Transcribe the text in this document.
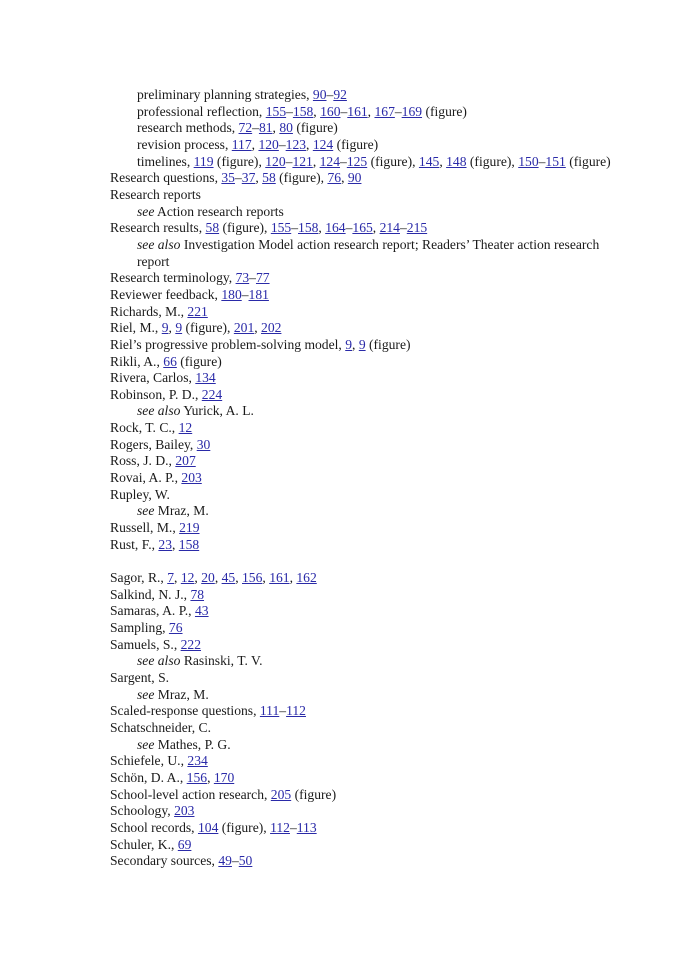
preliminary planning strategies, 90–92
professional reflection, 155–158, 160–161, 167–169 (figure)
research methods, 72–81, 80 (figure)
revision process, 117, 120–123, 124 (figure)
timelines, 119 (figure), 120–121, 124–125 (figure), 145, 148 (figure), 150–151 (figure)
Research questions, 35–37, 58 (figure), 76, 90
Research reports
see Action research reports
Research results, 58 (figure), 155–158, 164–165, 214–215
see also Investigation Model action research report; Readers’ Theater action research report
Research terminology, 73–77
Reviewer feedback, 180–181
Richards, M., 221
Riel, M., 9, 9 (figure), 201, 202
Riel’s progressive problem-solving model, 9, 9 (figure)
Rikli, A., 66 (figure)
Rivera, Carlos, 134
Robinson, P. D., 224
see also Yurick, A. L.
Rock, T. C., 12
Rogers, Bailey, 30
Ross, J. D., 207
Rovai, A. P., 203
Rupley, W.
see Mraz, M.
Russell, M., 219
Rust, F., 23, 158
Sagor, R., 7, 12, 20, 45, 156, 161, 162
Salkind, N. J., 78
Samaras, A. P., 43
Sampling, 76
Samuels, S., 222
see also Rasinski, T. V.
Sargent, S.
see Mraz, M.
Scaled-response questions, 111–112
Schatschneider, C.
see Mathes, P. G.
Schiefele, U., 234
Schön, D. A., 156, 170
School-level action research, 205 (figure)
Schoology, 203
School records, 104 (figure), 112–113
Schuler, K., 69
Secondary sources, 49–50
